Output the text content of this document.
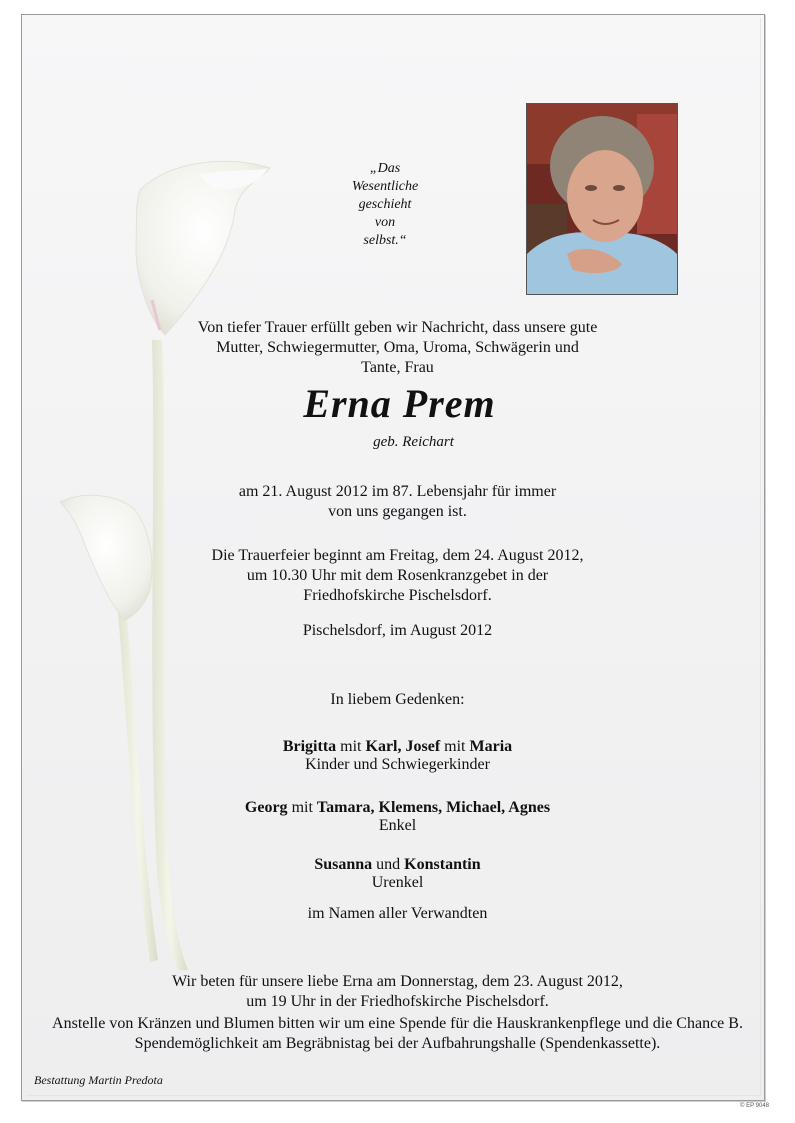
„Das
Wesentliche
geschieht
von
selbst.“
Von tiefer Trauer erfüllt geben wir Nachricht, dass unsere gute
Mutter, Schwiegermutter, Oma, Uroma, Schwägerin und
Tante, Frau
Erna Prem
geb. Reichart
am 21. August 2012 im 87. Lebensjahr für immer
von uns gegangen ist.
Die Trauerfeier beginnt am Freitag, dem 24. August 2012,
um 10.30 Uhr mit dem Rosenkranzgebet in der
Friedhofskirche Pischelsdorf.
Pischelsdorf, im August 2012
In liebem Gedenken:
Brigitta mit Karl, Josef mit Maria
Kinder und Schwiegerkinder
Georg mit Tamara, Klemens, Michael, Agnes
Enkel
Susanna und Konstantin
Urenkel
im Namen aller Verwandten
Wir beten für unsere liebe Erna am Donnerstag, dem 23. August 2012,
um 19 Uhr in der Friedhofskirche Pischelsdorf.
Anstelle von Kränzen und Blumen bitten wir um eine Spende für die Hauskrankenpflege und die Chance B.
Spendemöglichkeit am Begräbnistag bei der Aufbahrungshalle (Spendenkassette).
Bestattung Martin Predota
© EP 9048
